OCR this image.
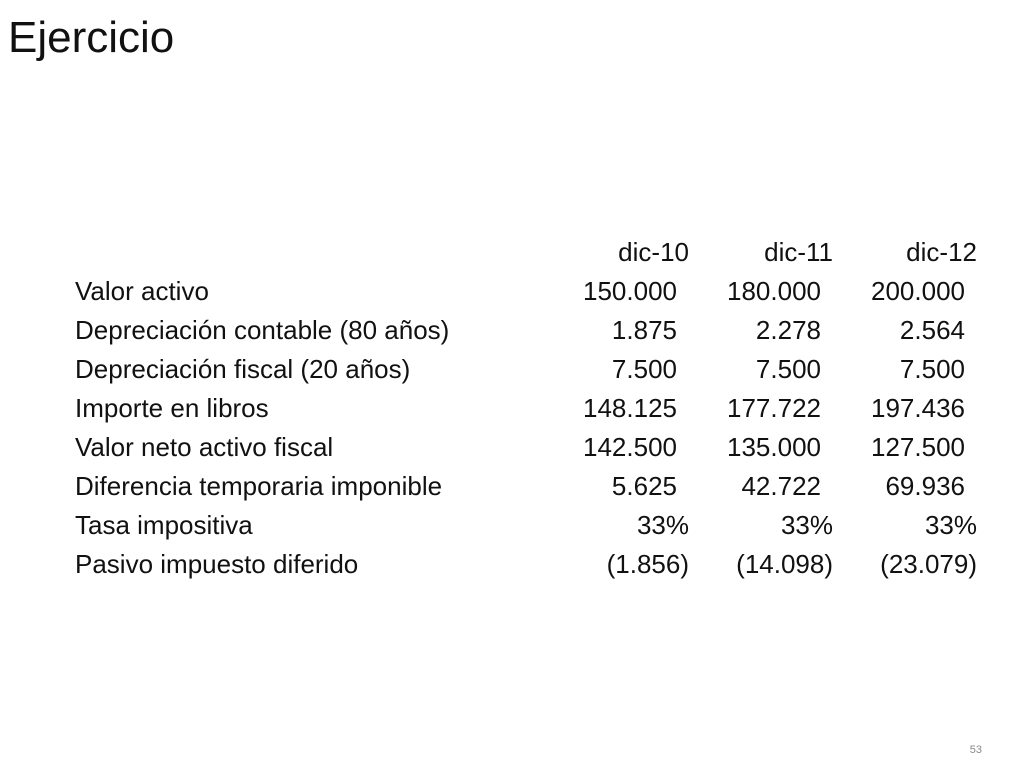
Ejercicio
	dic-10	dic-11	dic-12
Valor activo	150.000	180.000	200.000
Depreciación contable (80 años)	1.875	2.278	2.564
Depreciación fiscal (20 años)	7.500	7.500	7.500
Importe en libros	148.125	177.722	197.436
Valor neto activo fiscal	142.500	135.000	127.500
Diferencia temporaria imponible	5.625	42.722	69.936
Tasa impositiva	33%	33%	33%
Pasivo impuesto diferido	(1.856)	(14.098)	(23.079)
53
